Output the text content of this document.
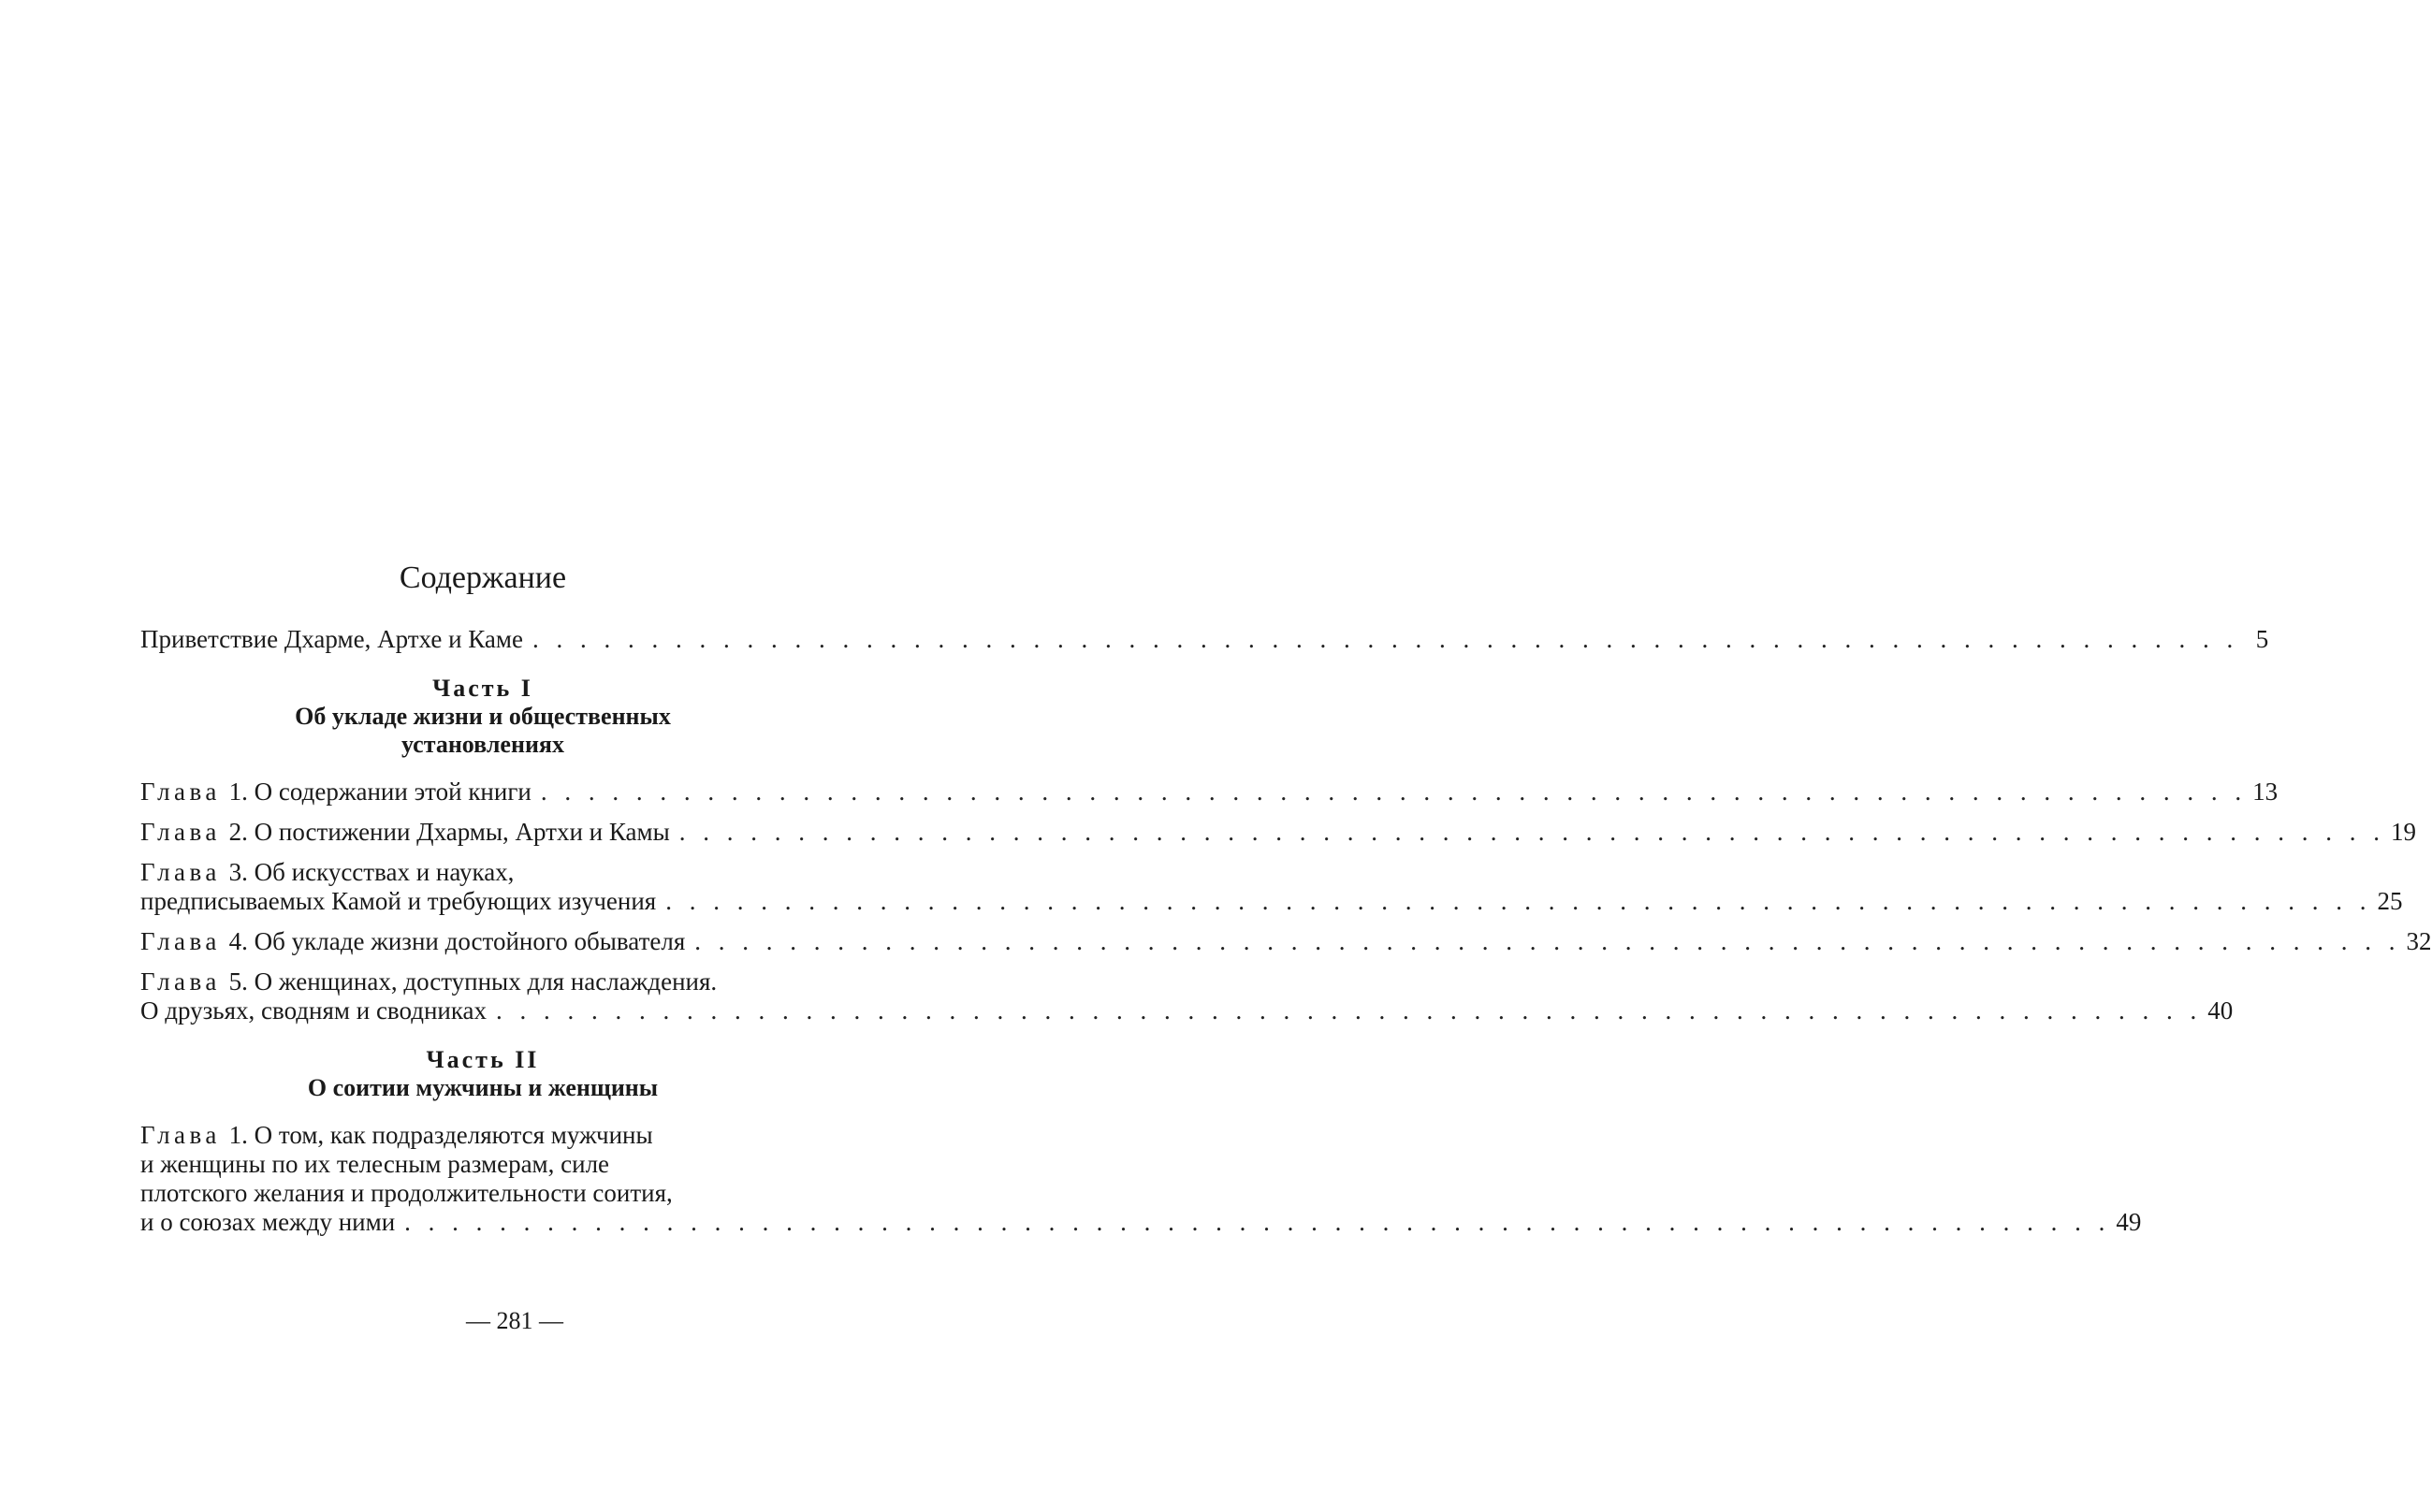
Содержание
Приветствие Дхарме, Артхе и Каме . . . . . . . . . . . . . . . . . . . . . . . . . . . . . . . . . . . . . . . . . . . . . . . . . . . . . . . . . . . . . . . . . . . . . . . . 5
Часть I
Об укладе жизни и общественных
установлениях
Глава 1. О содержании этой книги . . . . . . . . . . . . . . . . . . . . . . . . . . . . . . . . . . . . . . . . . . . . . . . . . . . . . . . . . . . . . . . . . . . . . . . . 13
Глава 2. О постижении Дхармы, Артхи и Камы . . . . . . . . . . . . . . . . . . . . . . . . . . . . . . . . . . . . . . . . . . . . . . . . . . . . . . . . . . . . . . . . . . . . . . . . 19
Глава 3. Об искусствах и науках,
предписываемых Камой и требующих изучения . . . . . . . . . . . . . . . . . . . . . . . . . . . . . . . . . . . . . . . . . . . . . . . . . . . . . . . . . . . . . . . . . . . . . . . . 25
Глава 4. Об укладе жизни достойного обывателя . . . . . . . . . . . . . . . . . . . . . . . . . . . . . . . . . . . . . . . . . . . . . . . . . . . . . . . . . . . . . . . . . . . . . . . . 32
Глава 5. О женщинах, доступных для наслаждения.
О друзьях, сводням и сводниках . . . . . . . . . . . . . . . . . . . . . . . . . . . . . . . . . . . . . . . . . . . . . . . . . . . . . . . . . . . . . . . . . . . . . . . . 40
Часть II
О соитии мужчины и женщины
Глава 1. О том, как подразделяются мужчины
и женщины по их телесным размерам, силе
плотского желания и продолжительности соития,
и о союзах между ними . . . . . . . . . . . . . . . . . . . . . . . . . . . . . . . . . . . . . . . . . . . . . . . . . . . . . . . . . . . . . . . . . . . . . . . . 49
— 281 —
